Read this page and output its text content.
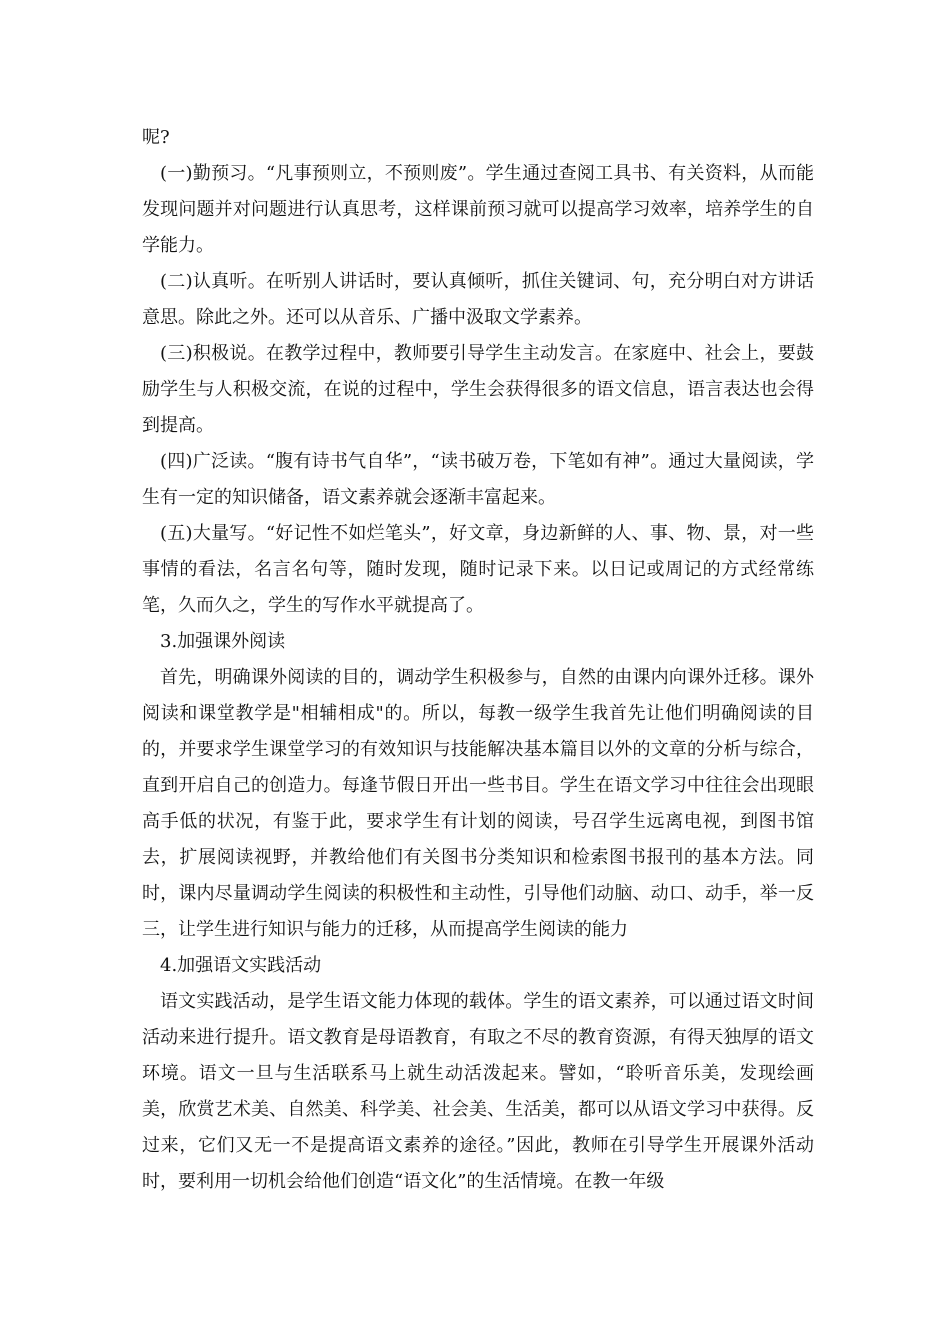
呢?

(一)勤预习。“凡事预则立，不预则废”。学生通过查阅工具书、有关资料，从而能发现问题并对问题进行认真思考，这样课前预习就可以提高学习效率，培养学生的自学能力。

(二)认真听。在听别人讲话时，要认真倾听，抓住关键词、句，充分明白对方讲话意思。除此之外。还可以从音乐、广播中汲取文学素养。

(三)积极说。在教学过程中，教师要引导学生主动发言。在家庭中、社会上，要鼓励学生与人积极交流，在说的过程中，学生会获得很多的语文信息，语言表达也会得到提高。

(四)广泛读。“腹有诗书气自华”，“读书破万卷，下笔如有神”。通过大量阅读，学生有一定的知识储备，语文素养就会逐渐丰富起来。

(五)大量写。“好记性不如烂笔头”，好文章，身边新鲜的人、事、物、景，对一些事情的看法，名言名句等，随时发现，随时记录下来。以日记或周记的方式经常练笔，久而久之，学生的写作水平就提高了。

3.加强课外阅读

首先，明确课外阅读的目的，调动学生积极参与，自然的由课内向课外迁移。课外阅读和课堂教学是"相辅相成"的。所以，每教一级学生我首先让他们明确阅读的目的，并要求学生课堂学习的有效知识与技能解决基本篇目以外的文章的分析与综合，直到开启自己的创造力。每逢节假日开出一些书目。学生在语文学习中往往会出现眼高手低的状况，有鉴于此，要求学生有计划的阅读，号召学生远离电视，到图书馆去，扩展阅读视野，并教给他们有关图书分类知识和检索图书报刊的基本方法。同时，课内尽量调动学生阅读的积极性和主动性，引导他们动脑、动口、动手，举一反三，让学生进行知识与能力的迁移，从而提高学生阅读的能力

4.加强语文实践活动

语文实践活动，是学生语文能力体现的载体。学生的语文素养，可以通过语文时间活动来进行提升。语文教育是母语教育，有取之不尽的教育资源，有得天独厚的语文环境。语文一旦与生活联系马上就生动活泼起来。譬如，“聆听音乐美，发现绘画美，欣赏艺术美、自然美、科学美、社会美、生活美，都可以从语文学习中获得。反过来，它们又无一不是提高语文素养的途径。”因此，教师在引导学生开展课外活动时，要利用一切机会给他们创造“语文化”的生活情境。在教一年级
